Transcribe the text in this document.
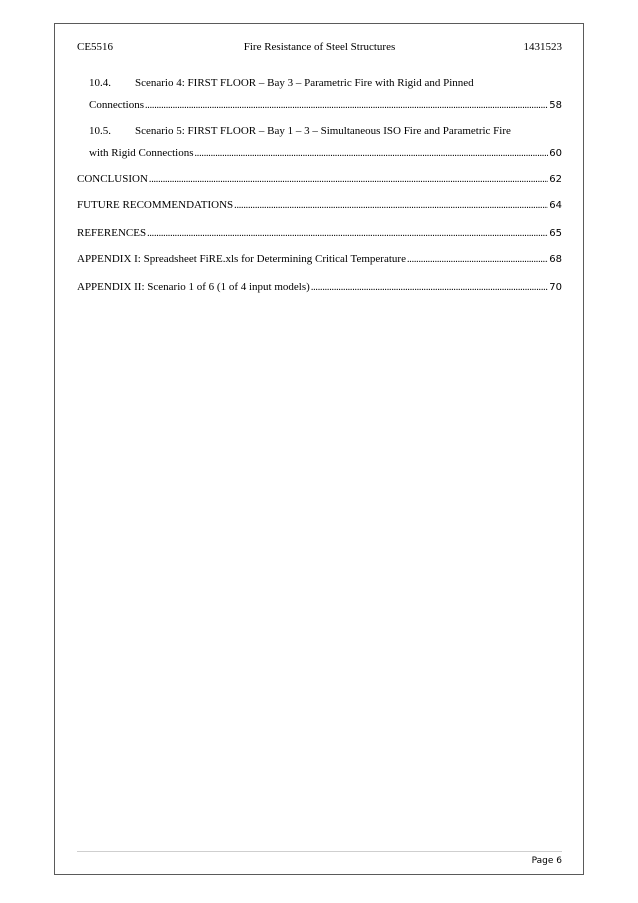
CE5516	Fire Resistance of Steel Structures	1431523
10.4.	Scenario 4: FIRST FLOOR – Bay 3 – Parametric Fire with Rigid and Pinned
Connections .....	58
10.5.	Scenario 5: FIRST FLOOR – Bay 1 – 3 – Simultaneous ISO Fire and Parametric Fire
with Rigid Connections .....	60
CONCLUSION .....	62
FUTURE RECOMMENDATIONS .....	64
REFERENCES .....	65
APPENDIX I: Spreadsheet FiRE.xls for Determining Critical Temperature .....	68
APPENDIX II: Scenario 1 of 6 (1 of 4 input models) .....	70
Page 6
